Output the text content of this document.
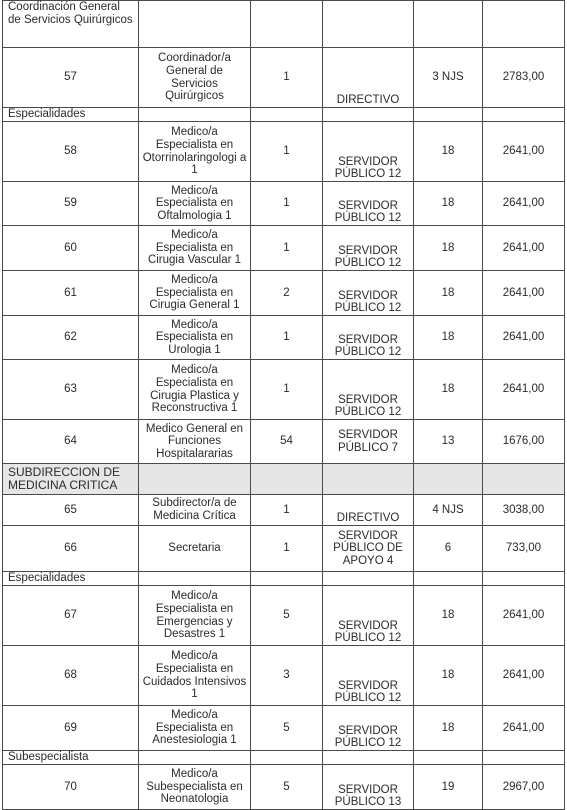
Coordinación General de Servicios Quirúrgicos					
57	Coordinador/a General de Servicios Quirúrgicos	1	DIRECTIVO	3 NJS	2783,00
Especialidades					
58	Medico/a Especialista en Otorrinolaringologi a 1	1	SERVIDOR PÚBLICO 12	18	2641,00
59	Medico/a Especialista en Oftalmologia 1	1	SERVIDOR PÚBLICO 12	18	2641,00
60	Medico/a Especialista en Cirugia Vascular 1	1	SERVIDOR PÚBLICO 12	18	2641,00
61	Medico/a Especialista en Cirugia General 1	2	SERVIDOR PÚBLICO 12	18	2641,00
62	Medico/a Especialista en Urologia 1	1	SERVIDOR PÚBLICO 12	18	2641,00
63	Medico/a Especialista en Cirugia Plastica y Reconstructiva 1	1	SERVIDOR PÚBLICO 12	18	2641,00
64	Medico General en Funciones Hospitalararias	54	SERVIDOR PÚBLICO 7	13	1676,00
SUBDIRECCION DE MEDICINA CRITICA					
65	Subdirector/a de Medicina Crítica	1	DIRECTIVO	4 NJS	3038,00
66	Secretaria	1	SERVIDOR PÚBLICO DE APOYO 4	6	733,00
Especialidades					
67	Medico/a Especialista en Emergencias y Desastres 1	5	SERVIDOR PÚBLICO 12	18	2641,00
68	Medico/a Especialista en Cuidados Intensivos 1	3	SERVIDOR PÚBLICO 12	18	2641,00
69	Medico/a Especialista en Anestesiologia 1	5	SERVIDOR PÚBLICO 12	18	2641,00
Subespecialista					
70	Medico/a Subespecialista en Neonatologia	5	SERVIDOR PÚBLICO 13	19	2967,00
